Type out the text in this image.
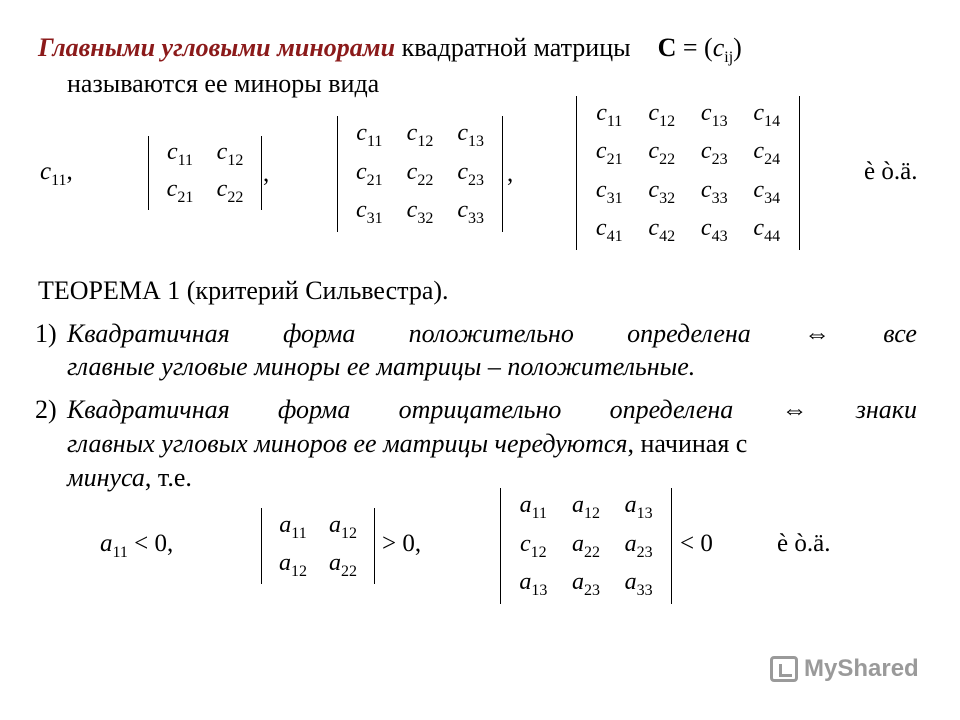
Главными угловыми минорами квадратной матрицы $C = (c_{ij})$
называются ее миноры вида
$c_{11}$,
$c_{11}$ $c_{12}$
$c_{21}$ $c_{22}$
,
$c_{11}$	$c_{12}$	$c_{13}$
$c_{21}$	$c_{22}$	$c_{23}$
$c_{31}$	$c_{32}$	$c_{33}$
,
$c_{11}$	$c_{12}$	$c_{13}$	$c_{14}$
$c_{21}$	$c_{22}$	$c_{23}$	$c_{24}$
$c_{31}$	$c_{32}$	$c_{33}$	$c_{34}$
$c_{41}$	$c_{42}$	$c_{43}$	$c_{44}$
è ò.ä.
ТЕОРЕМА 1 (критерий Сильвестра).
1) Квадратичная форма положительно определена ⇔ все
главные угловые миноры ее матрицы – положительные.
2) Квадратичная форма отрицательно определена ⇔ знаки
главных угловых миноров ее матрицы чередуются, начиная с
минуса, т.е.
$a_{11} < 0$,
$a_{11}$ $a_{12}$
$a_{12}$ $a_{22}$
> 0,
$a_{11}$	$a_{12}$	$a_{13}$
$c_{12}$	$a_{22}$	$a_{23}$
$a_{13}$	$a_{23}$	$a_{33}$
< 0	è ò.ä.
MyShared
